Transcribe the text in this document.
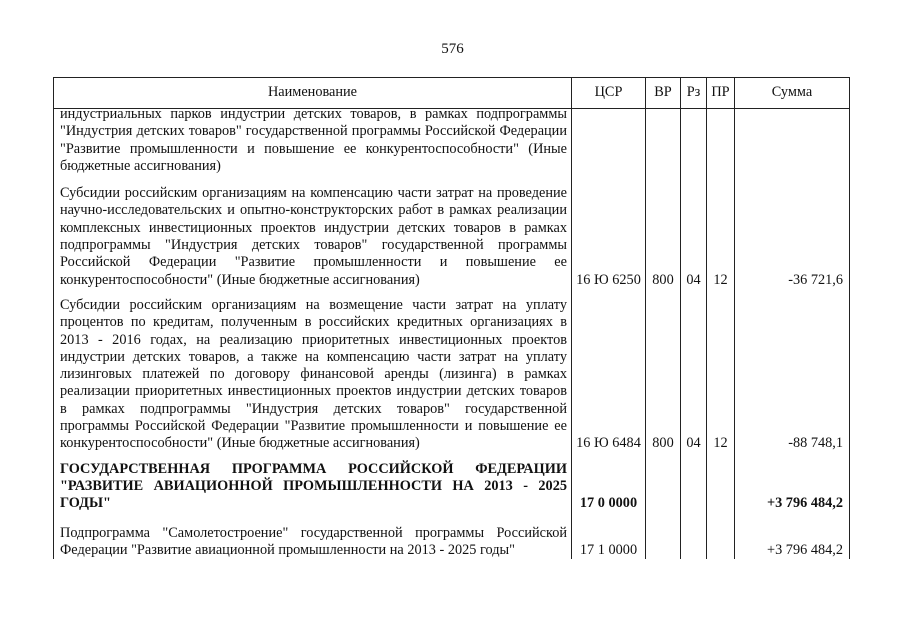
576
Наименование	ЦСР	ВР	Рз	ПР	Сумма

индустриальных парков индустрии детских товаров, в рамках подпрограммы "Индустрия детских товаров" государственной программы Российской Федерации "Развитие промышленности и повышение ее конкурентоспособности" (Иные бюджетные ассигнования)					

Субсидии российским организациям на компенсацию части затрат на проведение научно-исследовательских и опытно-конструкторских работ в рамках реализации комплексных инвестиционных проектов индустрии детских товаров в рамках подпрограммы "Индустрия детских товаров" государственной программы Российской Федерации "Развитие промышленности и повышение ее конкурентоспособности" (Иные бюджетные ассигнования)	16 Ю 6250	800	04	12	-36 721,6

Субсидии российским организациям на возмещение части затрат на уплату процентов по кредитам, полученным в российских кредитных организациях в 2013 - 2016 годах, на реализацию приоритетных инвестиционных проектов индустрии детских товаров, а также на компенсацию части затрат на уплату лизинговых платежей по договору финансовой аренды (лизинга) в рамках реализации приоритетных инвестиционных проектов индустрии детских товаров в рамках подпрограммы "Индустрия детских товаров" государственной программы Российской Федерации "Развитие промышленности и повышение ее конкурентоспособности" (Иные бюджетные ассигнования)	16 Ю 6484	800	04	12	-88 748,1

ГОСУДАРСТВЕННАЯ ПРОГРАММА РОССИЙСКОЙ ФЕДЕРАЦИИ "РАЗВИТИЕ АВИАЦИОННОЙ ПРОМЫШЛЕННОСТИ НА 2013 - 2025 ГОДЫ"	17 0 0000				+3 796 484,2

Подпрограмма "Самолетостроение" государственной программы Российской Федерации "Развитие авиационной промышленности на 2013 - 2025 годы"	17 1 0000				+3 796 484,2
